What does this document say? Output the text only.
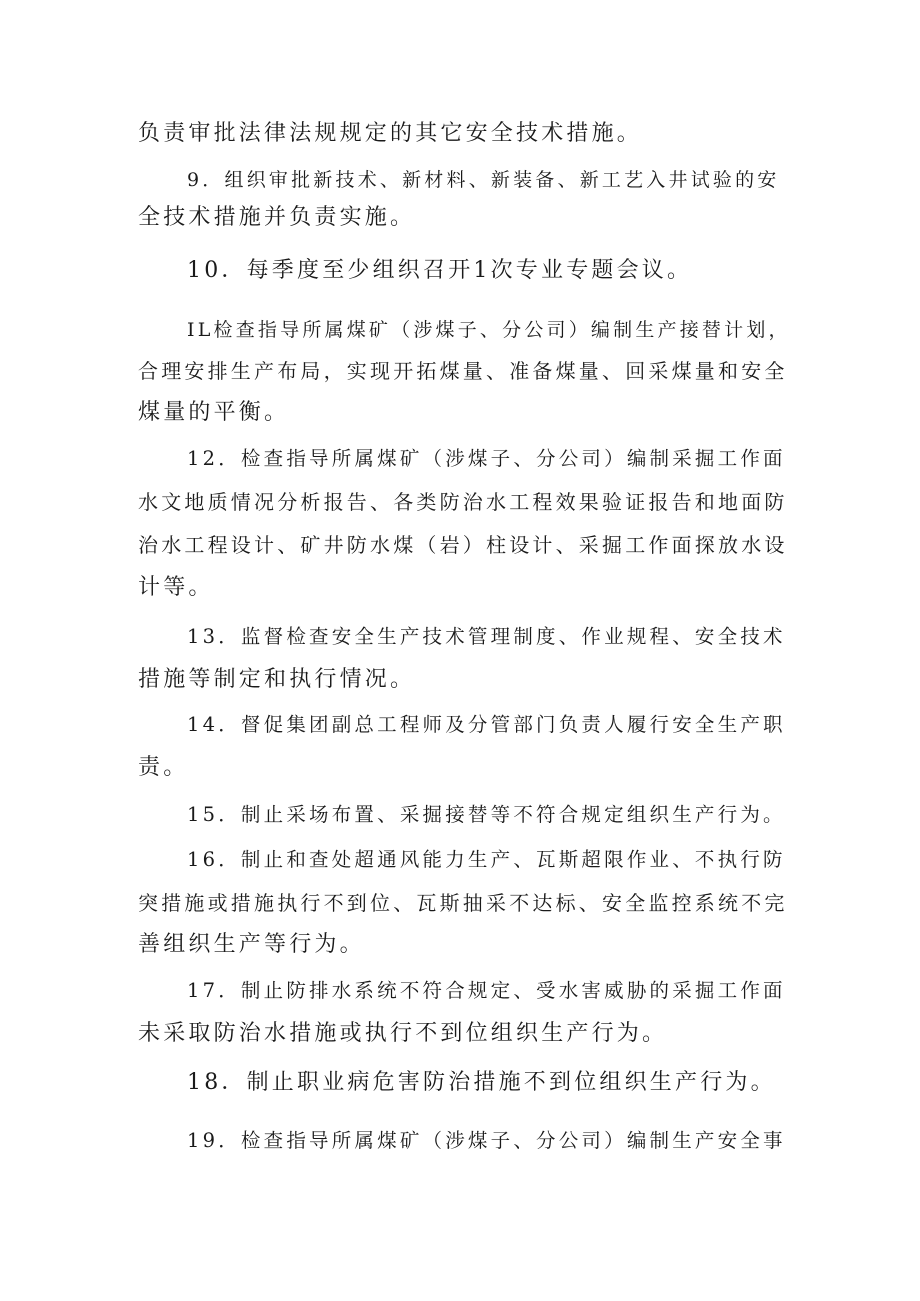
负责审批法律法规规定的其它安全技术措施。
9．组织审批新技术、新材料、新装备、新工艺入井试验的安
全技术措施并负责实施。
10．每季度至少组织召开1次专业专题会议。
IL检查指导所属煤矿（涉煤子、分公司）编制生产接替计划，
合理安排生产布局，实现开拓煤量、准备煤量、回采煤量和安全
煤量的平衡。
12．检查指导所属煤矿（涉煤子、分公司）编制采掘工作面
水文地质情况分析报告、各类防治水工程效果验证报告和地面防
治水工程设计、矿井防水煤（岩）柱设计、采掘工作面探放水设
计等。
13．监督检查安全生产技术管理制度、作业规程、安全技术
措施等制定和执行情况。
14．督促集团副总工程师及分管部门负责人履行安全生产职
责。
15．制止采场布置、采掘接替等不符合规定组织生产行为。
16．制止和查处超通风能力生产、瓦斯超限作业、不执行防
突措施或措施执行不到位、瓦斯抽采不达标、安全监控系统不完
善组织生产等行为。
17．制止防排水系统不符合规定、受水害威胁的采掘工作面
未采取防治水措施或执行不到位组织生产行为。
18．制止职业病危害防治措施不到位组织生产行为。
19．检查指导所属煤矿（涉煤子、分公司）编制生产安全事
